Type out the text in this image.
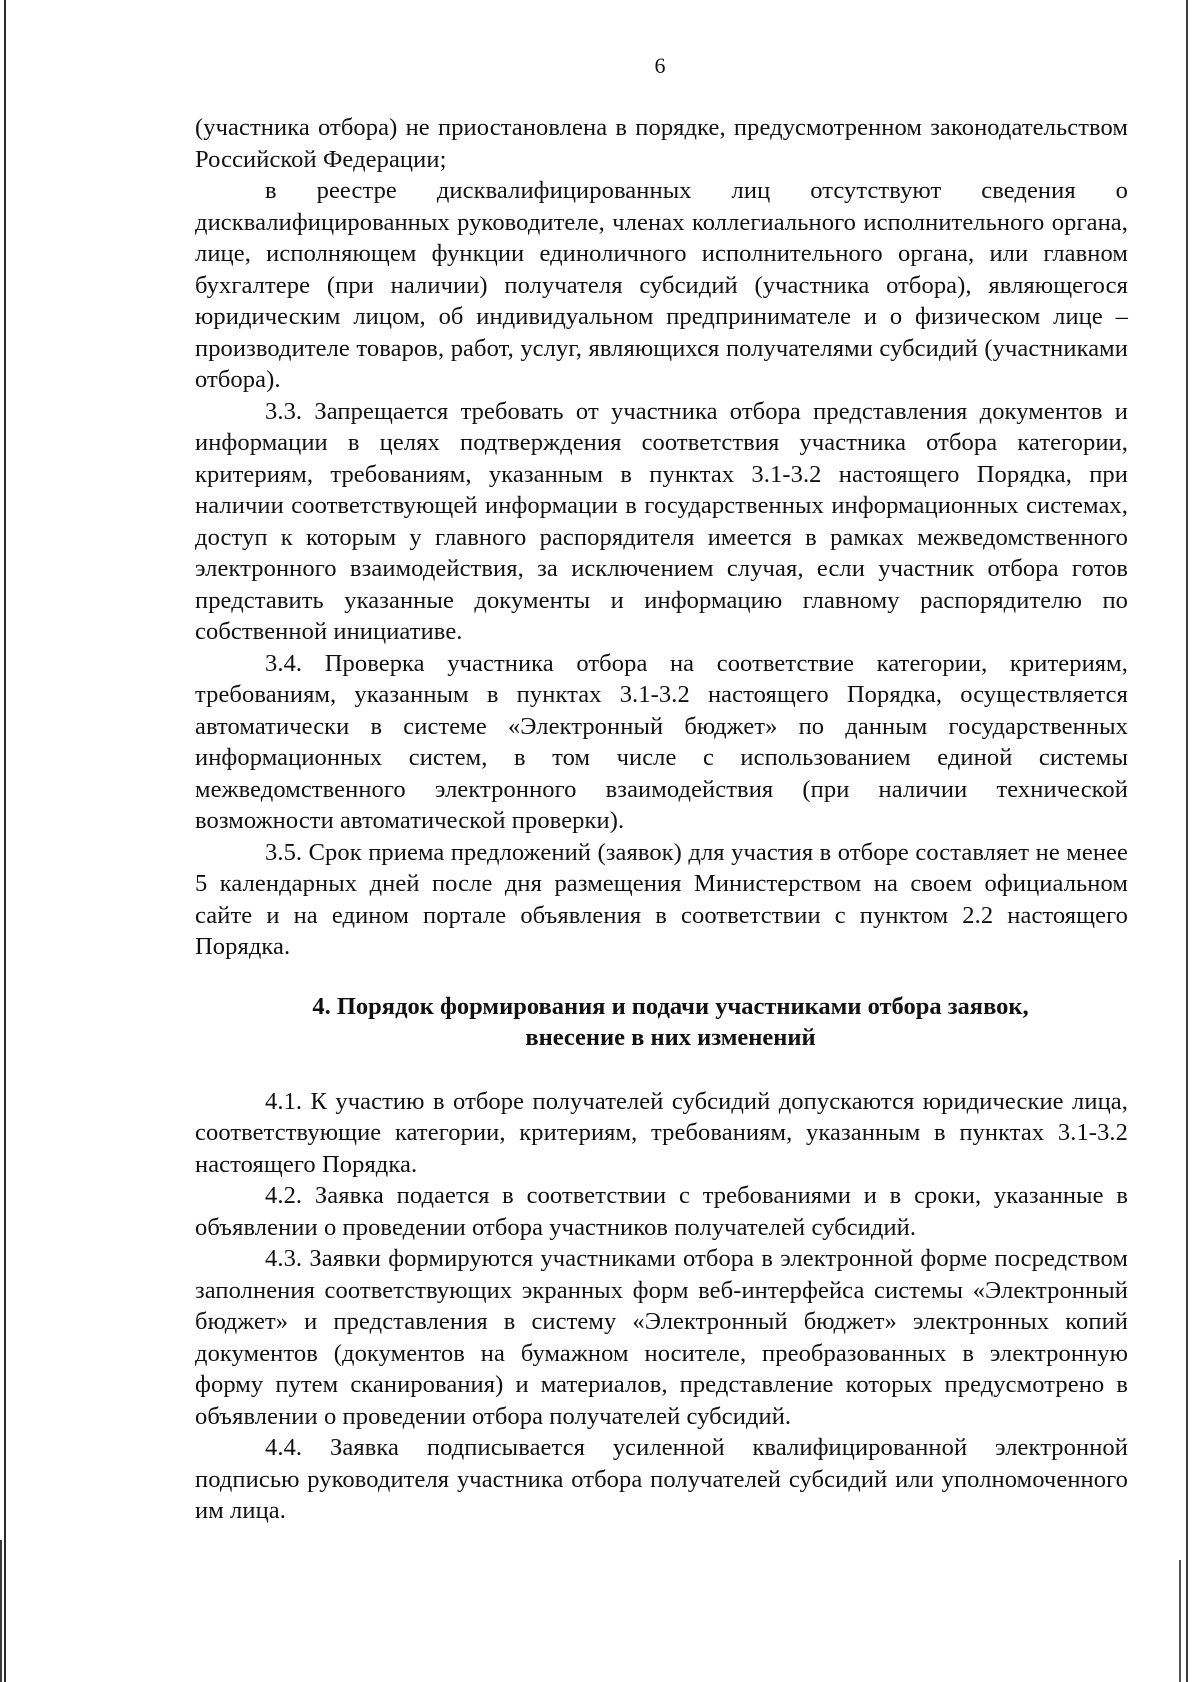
6

(участника отбора) не приостановлена в порядке, предусмотренном законодательством Российской Федерации;

в реестре дисквалифицированных лиц отсутствуют сведения о дисквалифицированных руководителе, членах коллегиального исполнительного органа, лице, исполняющем функции единоличного исполнительного органа, или главном бухгалтере (при наличии) получателя субсидий (участника отбора), являющегося юридическим лицом, об индивидуальном предпринимателе и о физическом лице – производителе товаров, работ, услуг, являющихся получателями субсидий (участниками отбора).

3.3. Запрещается требовать от участника отбора представления документов и информации в целях подтверждения соответствия участника отбора категории, критериям, требованиям, указанным в пунктах 3.1-3.2 настоящего Порядка, при наличии соответствующей информации в государственных информационных системах, доступ к которым у главного распорядителя имеется в рамках межведомственного электронного взаимодействия, за исключением случая, если участник отбора готов представить указанные документы и информацию главному распорядителю по собственной инициативе.

3.4. Проверка участника отбора на соответствие категории, критериям, требованиям, указанным в пунктах 3.1-3.2 настоящего Порядка, осуществляется автоматически в системе «Электронный бюджет» по данным государственных информационных систем, в том числе с использованием единой системы межведомственного электронного взаимодействия (при наличии технической возможности автоматической проверки).

3.5. Срок приема предложений (заявок) для участия в отборе составляет не менее 5 календарных дней после дня размещения Министерством на своем официальном сайте и на едином портале объявления в соответствии с пунктом 2.2 настоящего Порядка.

4. Порядок формирования и подачи участниками отбора заявок,

внесение в них изменений

4.1. К участию в отборе получателей субсидий допускаются юридические лица, соответствующие категории, критериям, требованиям, указанным в пунктах 3.1-3.2 настоящего Порядка.

4.2. Заявка подается в соответствии с требованиями и в сроки, указанные в объявлении о проведении отбора участников получателей субсидий.

4.3. Заявки формируются участниками отбора в электронной форме посредством заполнения соответствующих экранных форм веб-интерфейса системы «Электронный бюджет» и представления в систему «Электронный бюджет» электронных копий документов (документов на бумажном носителе, преобразованных в электронную форму путем сканирования) и материалов, представление которых предусмотрено в объявлении о проведении отбора получателей субсидий.

4.4. Заявка подписывается усиленной квалифицированной электронной подписью руководителя участника отбора получателей субсидий или уполномоченного им лица.
